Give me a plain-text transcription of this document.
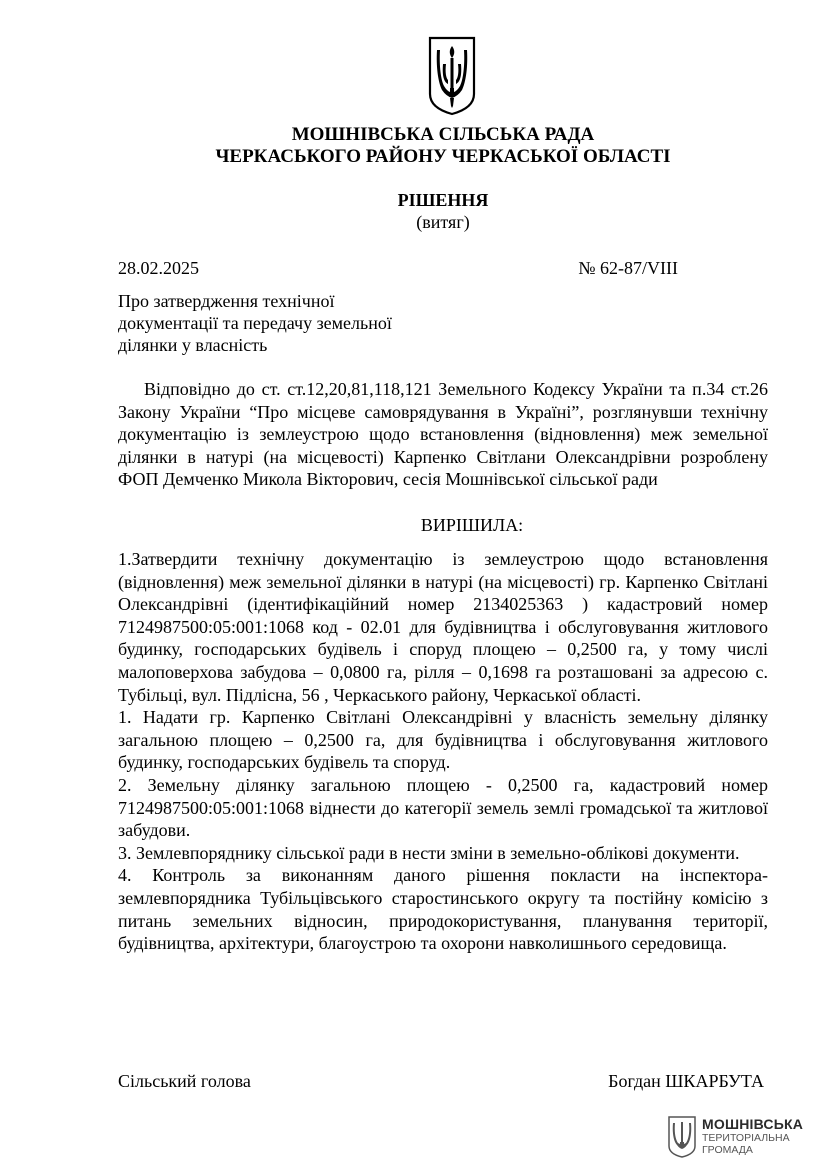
МОШНІВСЬКА СІЛЬСЬКА РАДА
ЧЕРКАСЬКОГО РАЙОНУ ЧЕРКАСЬКОЇ ОБЛАСТІ
РІШЕННЯ
(витяг)
28.02.2025	№ 62-87/VIII
Про затвердження технічної документації та передачу земельної ділянки у власність
Відповідно до ст. ст.12,20,81,118,121 Земельного Кодексу України та п.34 ст.26 Закону України “Про місцеве самоврядування в Україні”, розглянувши технічну документацію із землеустрою щодо встановлення (відновлення) меж земельної ділянки в натурі (на місцевості) Карпенко Світлани Олександрівни розроблену ФОП Демченко Микола Вікторович, сесія Мошнівської сільської ради
ВИРІШИЛА:

1.Затвердити технічну документацію із землеустрою щодо встановлення (відновлення) меж земельної ділянки в натурі (на місцевості) гр. Карпенко Світлані Олександрівні (ідентифікаційний номер 2134025363 ) кадастровий номер 7124987500:05:001:1068 код - 02.01 для будівництва і обслуговування житлового будинку, господарських будівель і споруд площею – 0,2500 га, у тому числі малоповерхова забудова – 0,0800 га, рілля – 0,1698 га розташовані за адресою с. Тубільці, вул. Підлісна, 56 , Черкаського району, Черкаської області.

1. Надати гр. Карпенко Світлані Олександрівні у власність земельну ділянку загальною площею – 0,2500 га, для будівництва і обслуговування житлового будинку, господарських будівель та споруд.

2. Земельну ділянку загальною площею - 0,2500 га, кадастровий номер 7124987500:05:001:1068 віднести до категорії земель землі громадської та житлової забудови.

3. Землевпорядн​ику сільської ради в нести зміни в земельно-облікові документи.

4. Контроль за виконанням даного рішення покласти на інспектора-землевпорядника Тубільцівського старостинського округу та постійну комісію з питань земельних відносин, природокористування, планування території, будівництва, архітектури, благоустрою та охорони навколишнього середовища.

Сільський голова	Богдан ШКАРБУТА
МОШНІВСЬКА
ТЕРИТОРІАЛЬНА
ГРОМАДА
